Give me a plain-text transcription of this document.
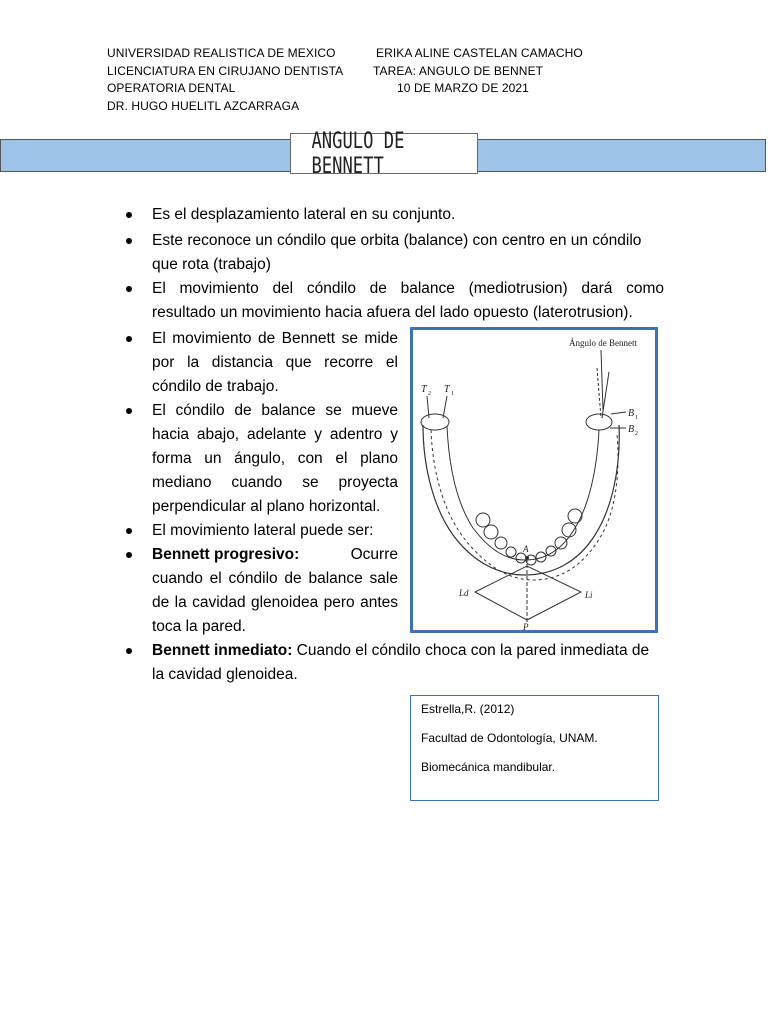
UNIVERSIDAD REALISTICA DE MEXICO
LICENCIATURA EN CIRUJANO DENTISTA
OPERATORIA DENTAL
DR. HUGO HUELITL AZCARRAGA
ERIKA ALINE CASTELAN CAMACHO
TAREA: ANGULO DE BENNET
10 DE MARZO DE 2021
ANGULO DE BENNETT
Es el desplazamiento lateral en su conjunto.

Este reconoce un cóndilo que orbita (balance) con centro en un cóndilo

que rota (trabajo)

El movimiento del cóndilo de balance (mediotrusion) dará como

resultado un movimiento hacia afuera del lado opuesto (laterotrusion).

El movimiento de Bennett se mide

por la distancia que recorre el

cóndilo de trabajo.

El cóndilo de balance se mueve

hacia abajo, adelante y adentro y

forma un ángulo, con el plano

mediano cuando se proyecta

perpendicular al plano horizontal.

El movimiento lateral puede ser:

Bennett progresivo:	Ocurre

cuando el cóndilo de balance sale

de la cavidad glenoidea pero antes

toca la pared.

Bennett inmediato: Cuando el cóndilo choca con la pared inmediata de

la cavidad glenoidea.

Ángulo de Bennett
T 2 T 1
B 1
B 2
A
Ld	Li
P
Estrella,R. (2012)
Facultad de Odontología, UNAM.
Biomecánica mandibular.
